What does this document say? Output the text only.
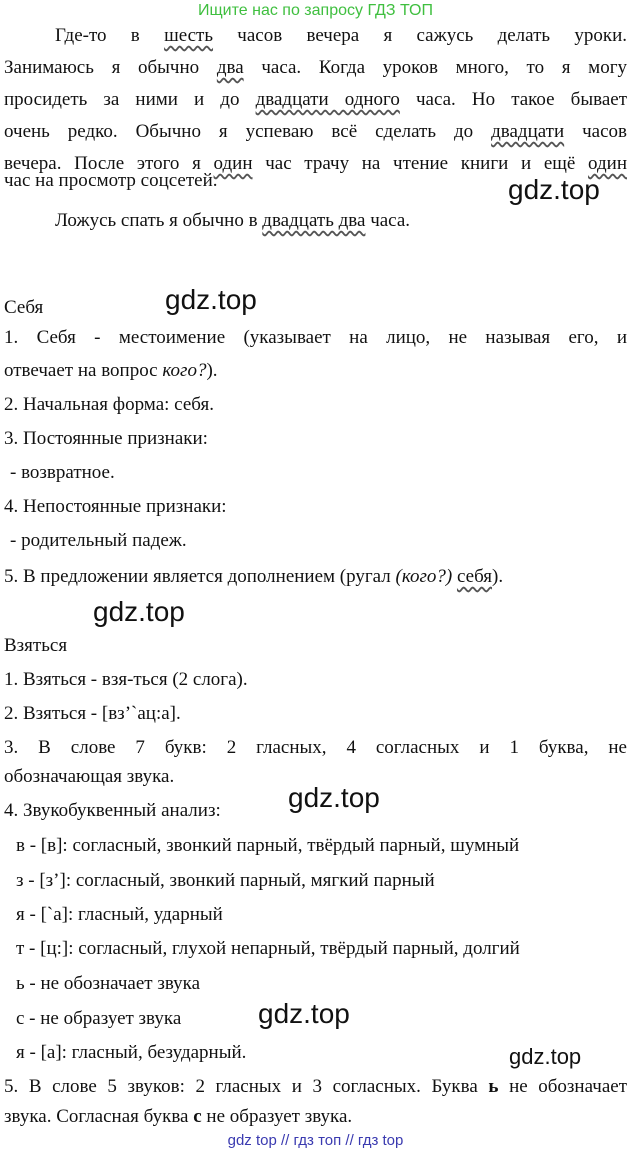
Ищите нас по запросу ГДЗ ТОП
Где-то в шесть часов вечера я сажусь делать уроки.
Занимаюсь я обычно два часа. Когда уроков много, то я могу
просидеть за ними и до двадцати одного часа. Но такое бывает
очень редко. Обычно я успеваю всё сделать до двадцати часов
вечера. После этого я один час трачу на чтение книги и ещё один
час на просмотр соцсетей.
Ложусь спать я обычно в двадцать два часа.
Себя
1. Себя - местоимение (указывает на лицо, не называя его, и
отвечает на вопрос кого?).
2. Начальная форма: себя.
3. Постоянные признаки:
- возвратное.
4. Непостоянные признаки:
- родительный падеж.
5. В предложении является дополнением (ругал (кого?) себя).
Взяться
1. Взяться - взя-ться (2 слога).
2. Взяться - [вз’`ац:а].
3. В слове 7 букв: 2 гласных, 4 согласных и 1 буква, не
обозначающая звука.
4. Звукобуквенный анализ:
в - [в]: согласный, звонкий парный, твёрдый парный, шумный
з - [з’]: согласный, звонкий парный, мягкий парный
я - [`а]: гласный, ударный
т - [ц:]: согласный, глухой непарный, твёрдый парный, долгий
ь - не обозначает звука
с - не образует звука
я - [а]: гласный, безударный.
5. В слове 5 звуков: 2 гласных и 3 согласных. Буква ь не обозначает
звука. Согласная буква с не образует звука.
gdz.top
gdz.top
gdz.top
gdz.top
gdz.top
gdz.top
gdz top // гдз топ // гдз top
